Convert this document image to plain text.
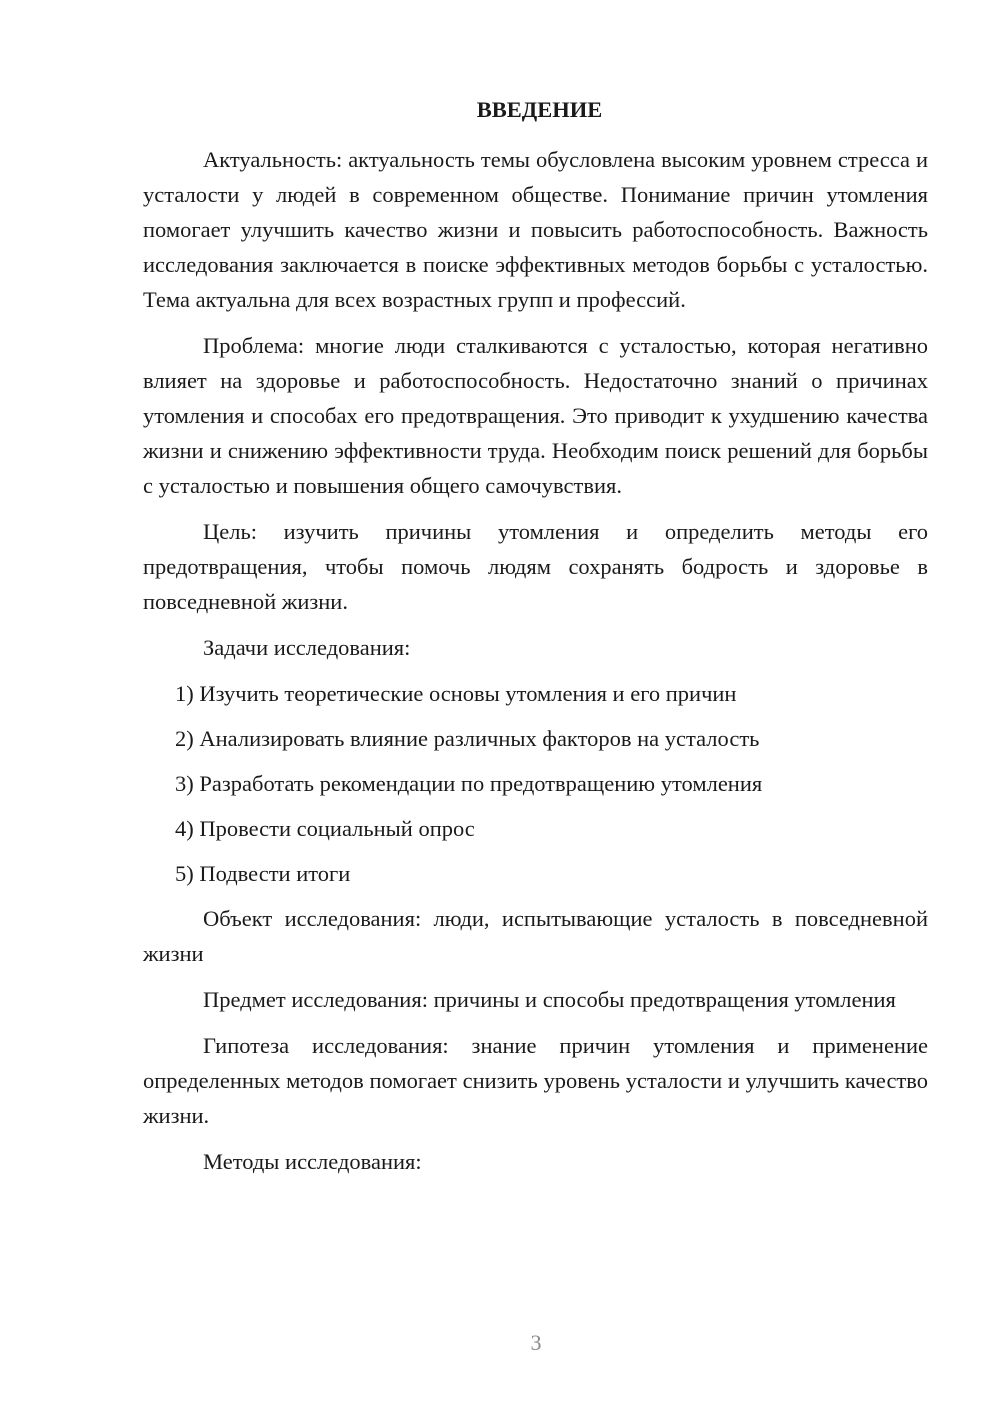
ВВЕДЕНИЕ

Актуальность: актуальность темы обусловлена высоким уровнем стресса и усталости у людей в современном обществе. Понимание причин утомления помогает улучшить качество жизни и повысить работоспособность. Важность исследования заключается в поиске эффективных методов борьбы с усталостью. Тема актуальна для всех возрастных групп и профессий.

Проблема: многие люди сталкиваются с усталостью, которая негативно влияет на здоровье и работоспособность. Недостаточно знаний о причинах утомления и способах его предотвращения. Это приводит к ухудшению качества жизни и снижению эффективности труда. Необходим поиск решений для борьбы с усталостью и повышения общего самочувствия.

Цель: изучить причины утомления и определить методы его предотвращения, чтобы помочь людям сохранять бодрость и здоровье в повседневной жизни.

Задачи исследования:

1) Изучить теоретические основы утомления и его причин
2) Анализировать влияние различных факторов на усталость
3) Разработать рекомендации по предотвращению утомления
4) Провести социальный опрос
5) Подвести итоги

Объект исследования: люди, испытывающие усталость в повседневной жизни

Предмет исследования: причины и способы предотвращения утомления

Гипотеза исследования: знание причин утомления и применение определенных методов помогает снизить уровень усталости и улучшить качество жизни.

Методы исследования:

3
